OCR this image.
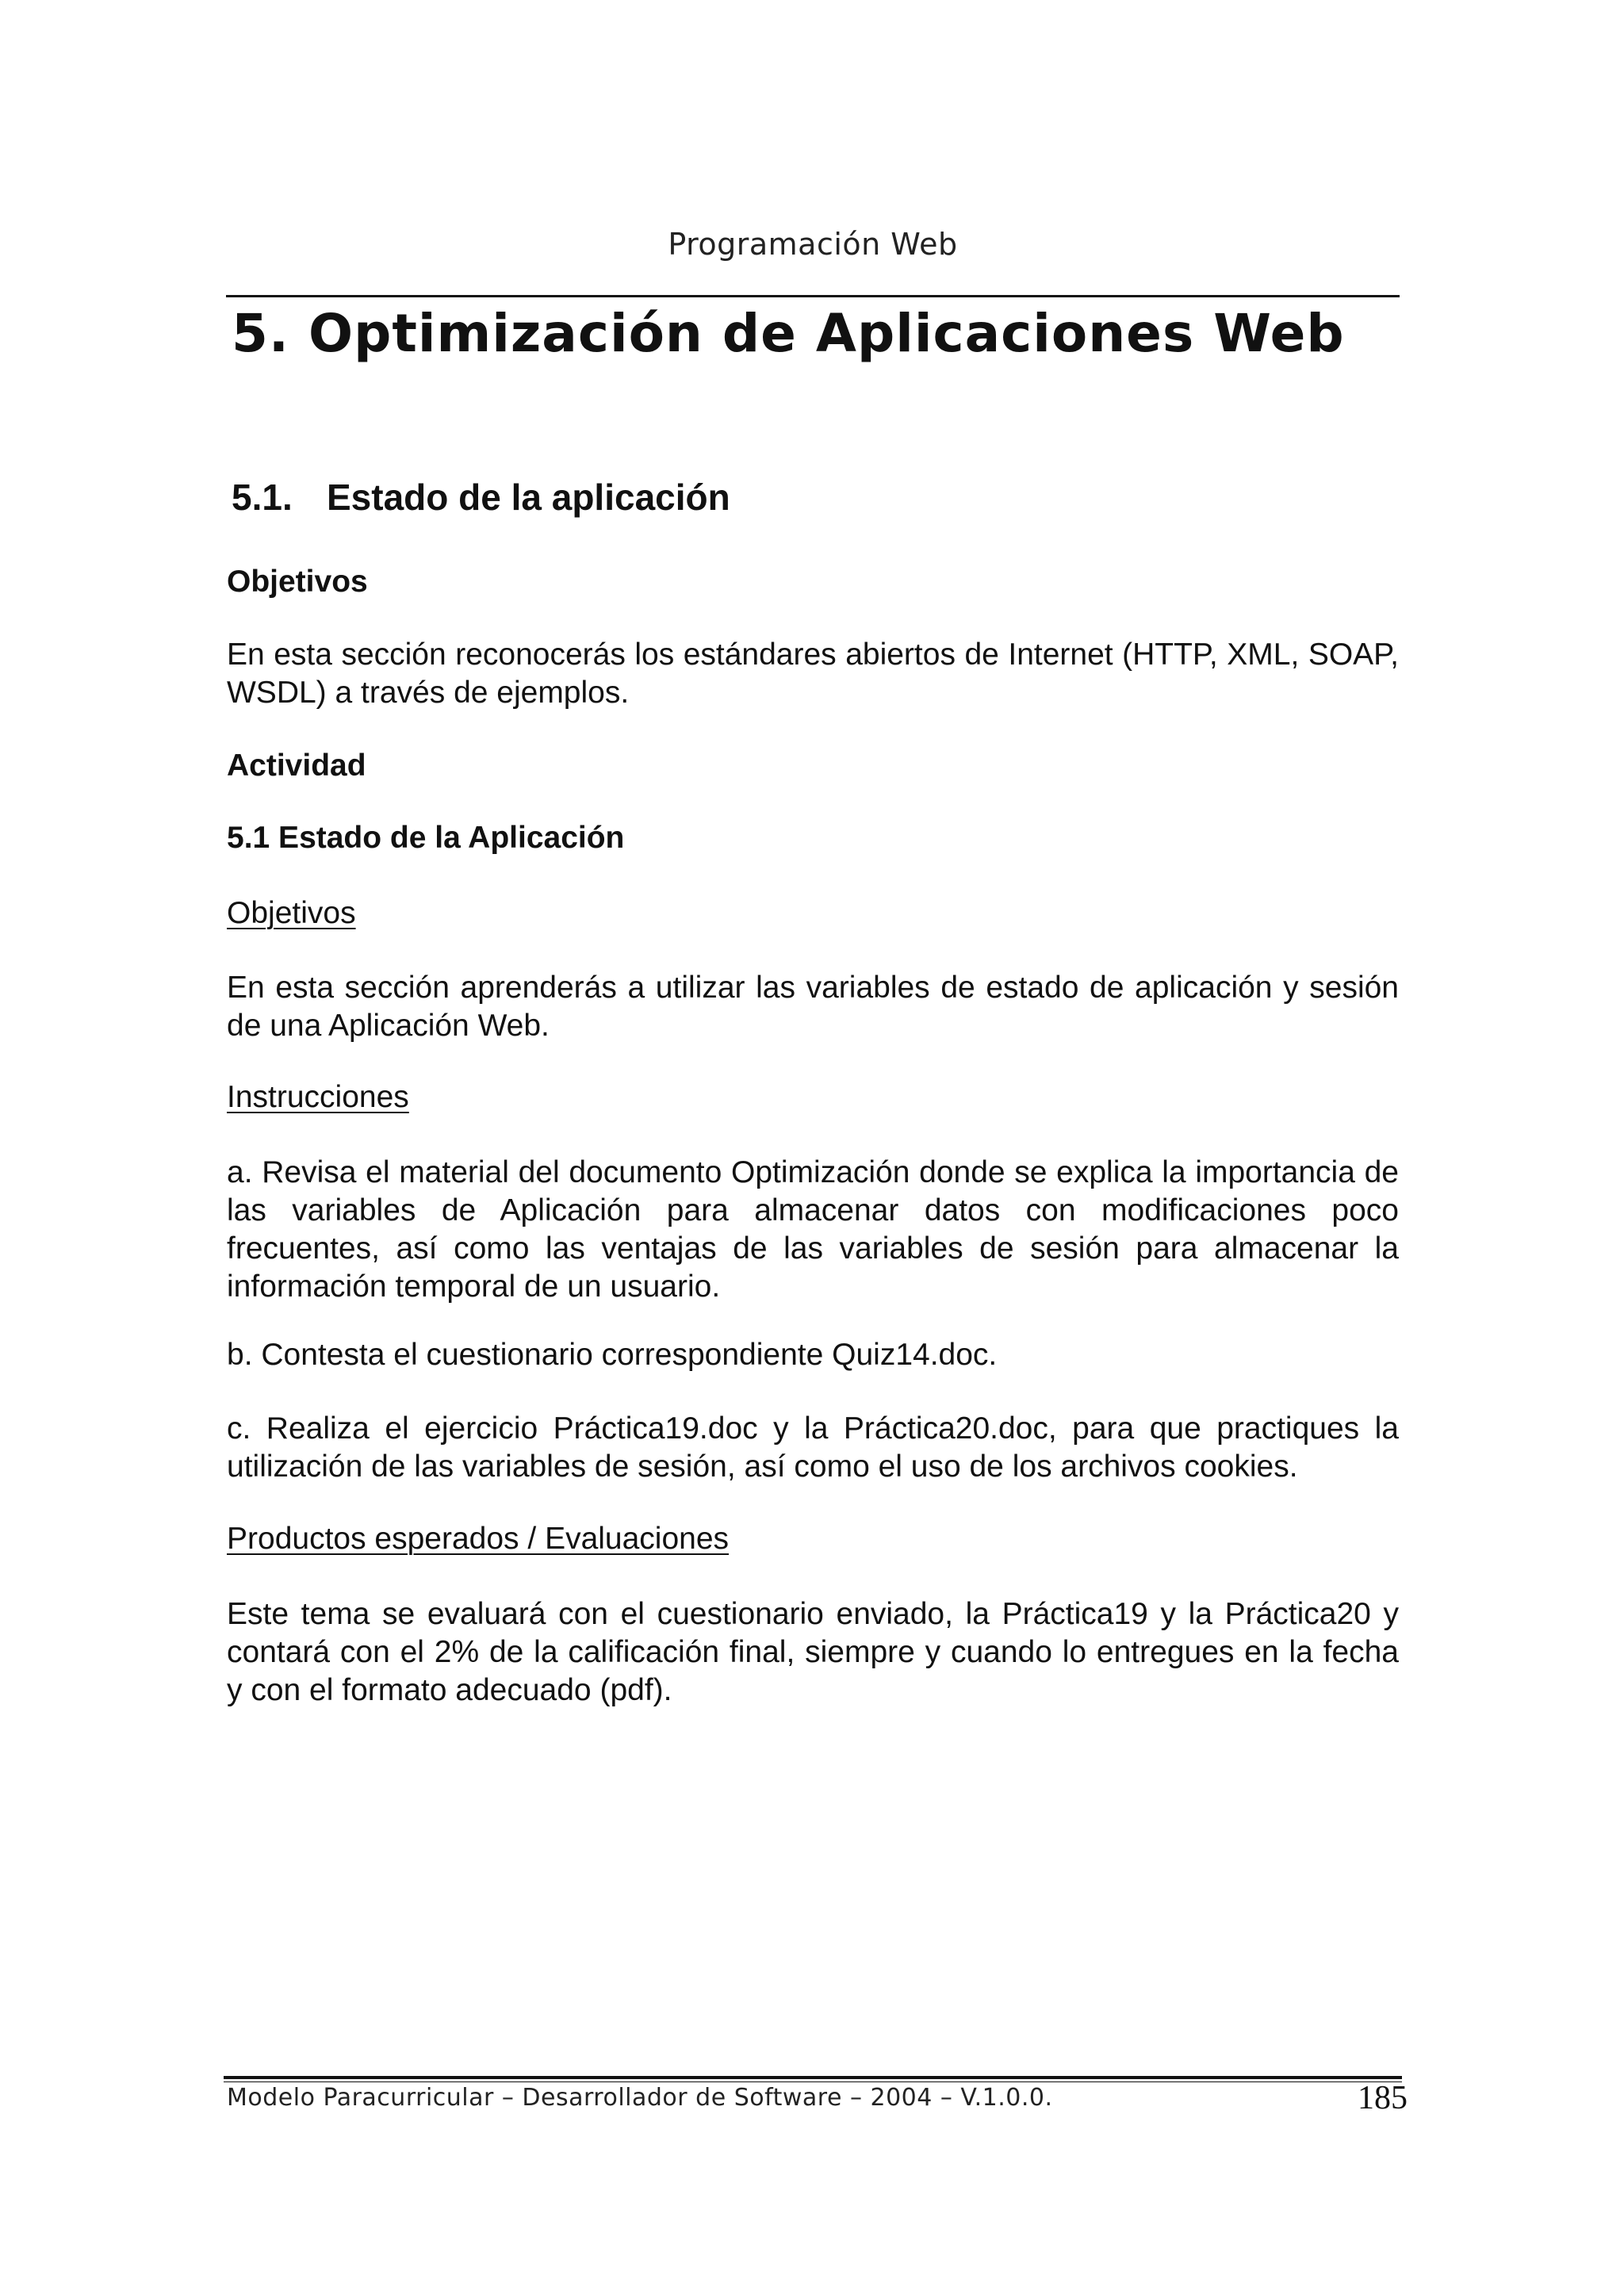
Programación Web
5. Optimización de Aplicaciones Web
5.1. Estado de la aplicación
Objetivos
En esta sección reconocerás los estándares abiertos de Internet (HTTP, XML, SOAP, WSDL) a través de ejemplos.
Actividad
5.1 Estado de la Aplicación
Objetivos
En esta sección aprenderás a utilizar las variables de estado de aplicación y sesión de una Aplicación Web.
Instrucciones
a. Revisa el material del documento Optimización donde se explica la importancia de las variables de Aplicación para almacenar datos con modificaciones poco frecuentes, así como las ventajas de las variables de sesión para almacenar la información temporal de un usuario.
b. Contesta el cuestionario correspondiente Quiz14.doc.
c. Realiza el ejercicio Práctica19.doc y la Práctica20.doc, para que practiques la utilización de las variables de sesión, así como el uso de los archivos cookies.
Productos esperados / Evaluaciones
Este tema se evaluará con el cuestionario enviado, la Práctica19 y la Práctica20 y contará con el 2% de la calificación final, siempre y cuando lo entregues en la fecha y con el formato adecuado (pdf).
Modelo Paracurricular – Desarrollador de Software – 2004 – V.1.0.0.	185
